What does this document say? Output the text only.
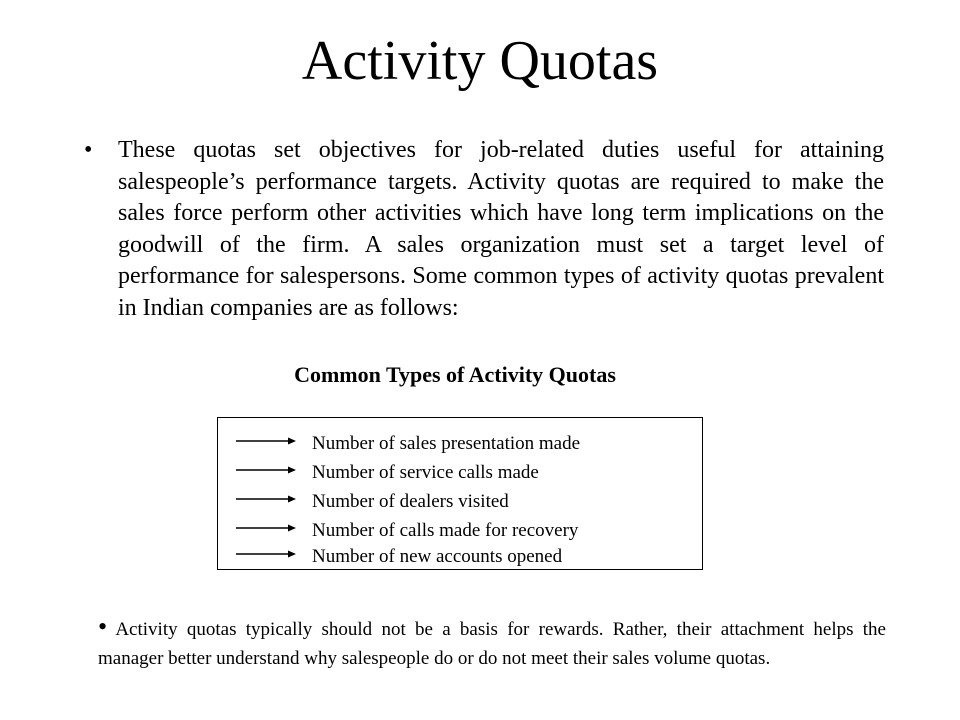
Activity Quotas
•	These quotas set objectives for job-related duties useful for attaining salespeople’s performance targets. Activity quotas are required to make the sales force perform other activities which have long term implications on the goodwill of the firm. A sales organization must set a target level of performance for salespersons. Some common types of activity quotas prevalent in Indian companies are as follows:
Common Types of Activity Quotas
Number of sales presentation made
Number of service calls made
Number of dealers visited
Number of calls made for recovery
Number of new accounts opened
• Activity quotas typically should not be a basis for rewards. Rather, their attachment helps the manager better understand why salespeople do or do not meet their sales volume quotas.
